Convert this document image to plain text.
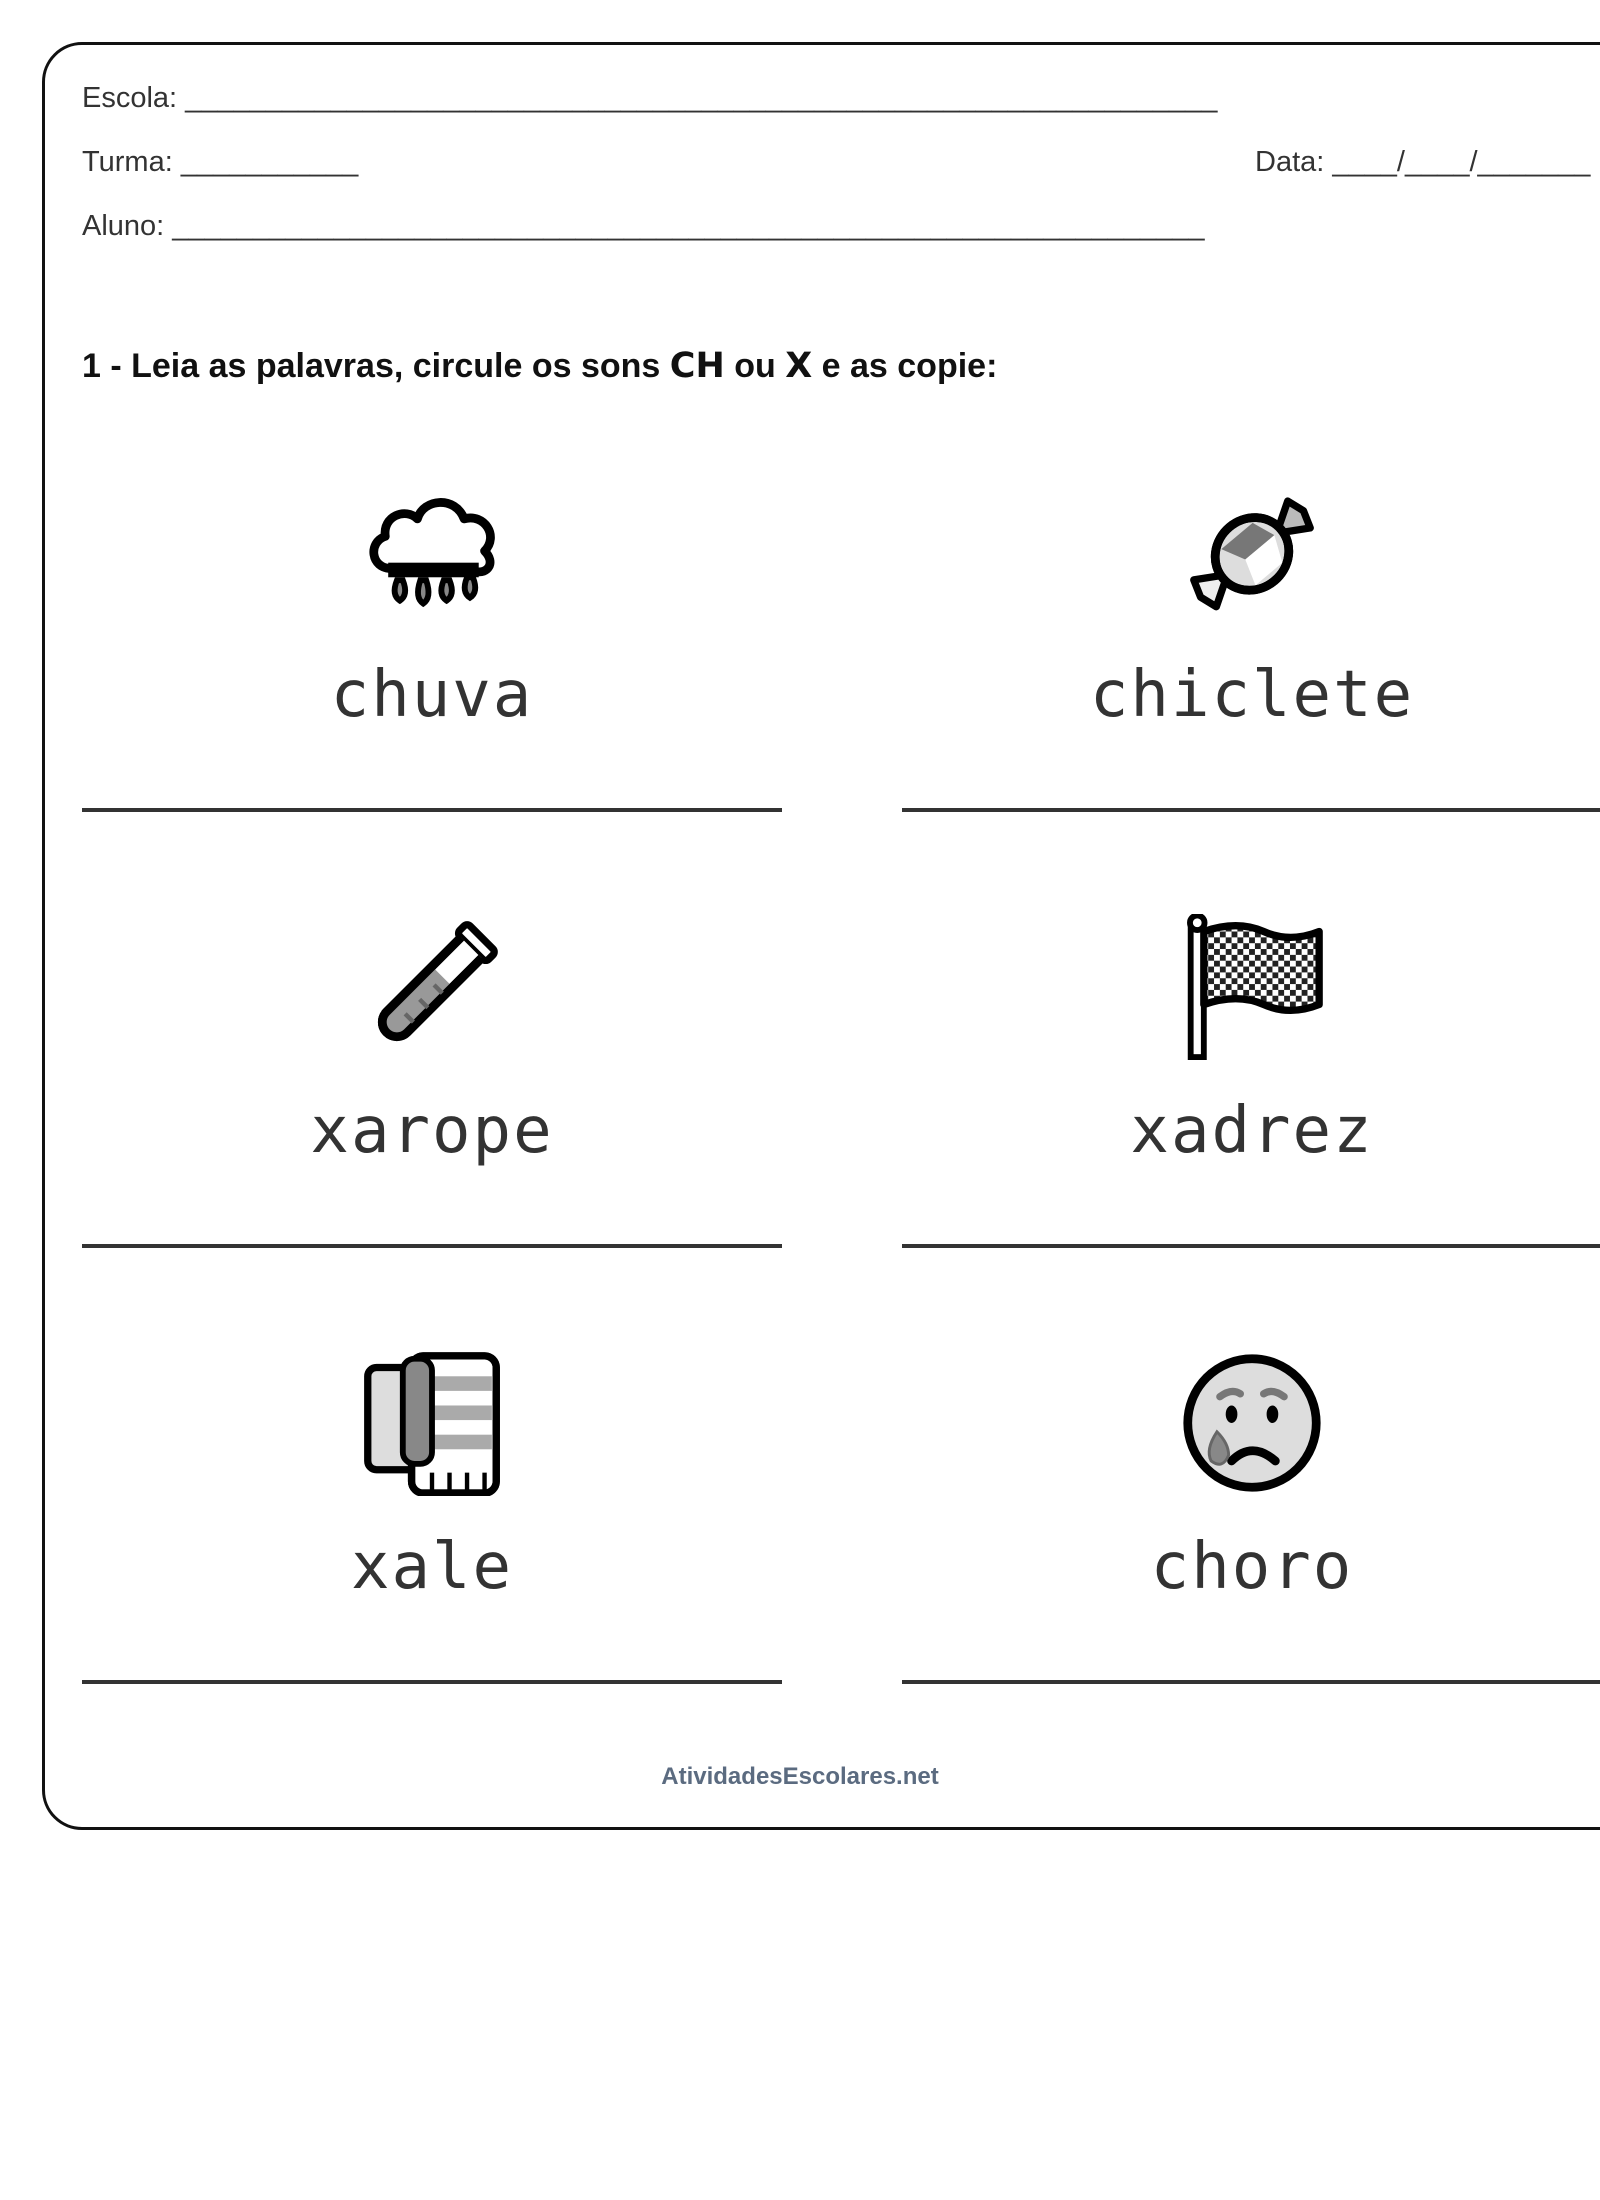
Escola: ________________________________________________________________
Turma: ___________	Data: ____/____/_______
Aluno: ________________________________________________________________
1 - Leia as palavras, circule os sons CH ou X e as copie:
chuva	chiclete
xarope	xadrez
xale	choro
AtividadesEscolares.net
